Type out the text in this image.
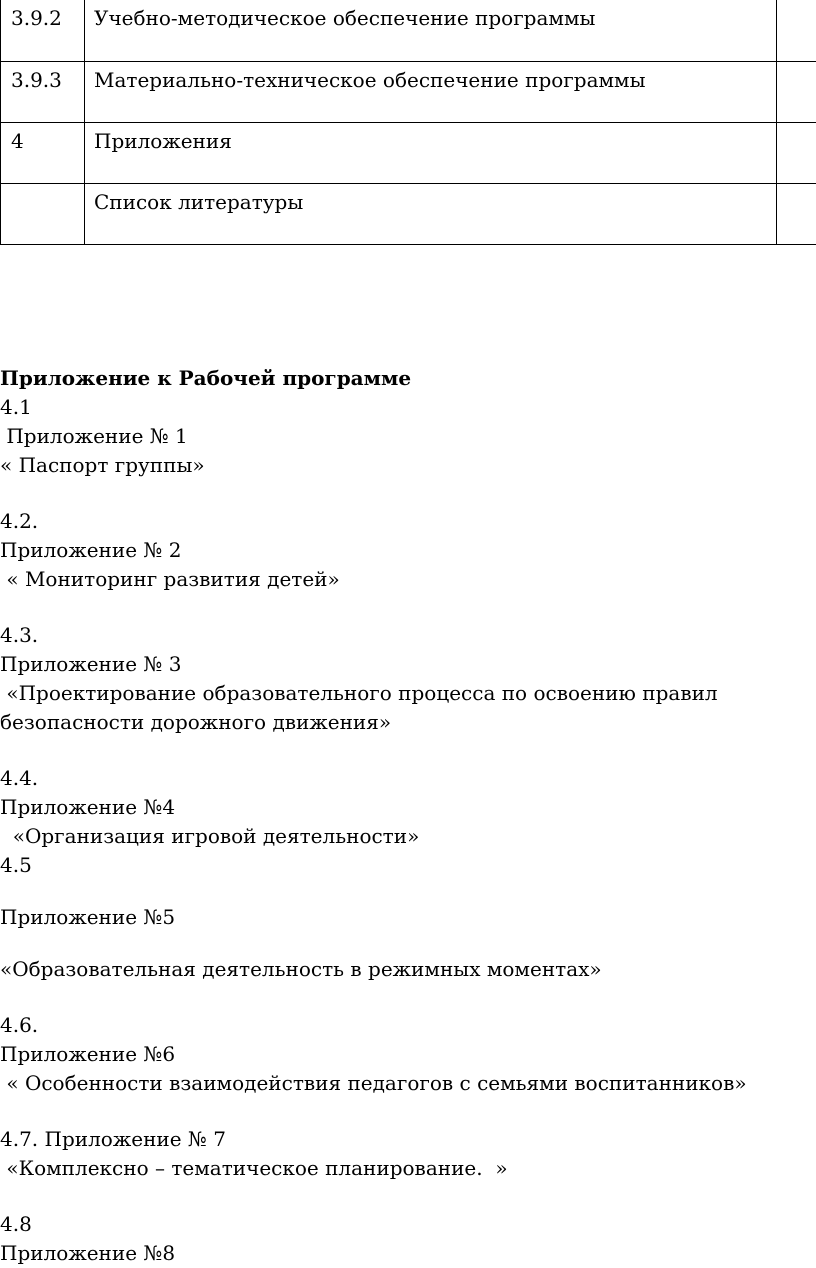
3.9.2	Учебно-методическое обеспечение программы	
3.9.3	Материально-техническое обеспечение программы	
4	Приложения	
	Список литературы	
Приложение к Рабочей программе
4.1
Приложение № 1
« Паспорт группы»
4.2.
Приложение № 2
« Мониторинг развития детей»
4.3.
Приложение № 3
«Проектирование образовательного процесса по освоению правил
безопасности дорожного движения»
4.4.
Приложение №4
«Организация игровой деятельности»
4.5
Приложение №5
«Образовательная деятельность в режимных моментах»
4.6.
Приложение №6
« Особенности взаимодействия педагогов с семьями воспитанников»
4.7. Приложение № 7
«Комплексно – тематическое планирование.  »
4.8
Приложение №8
